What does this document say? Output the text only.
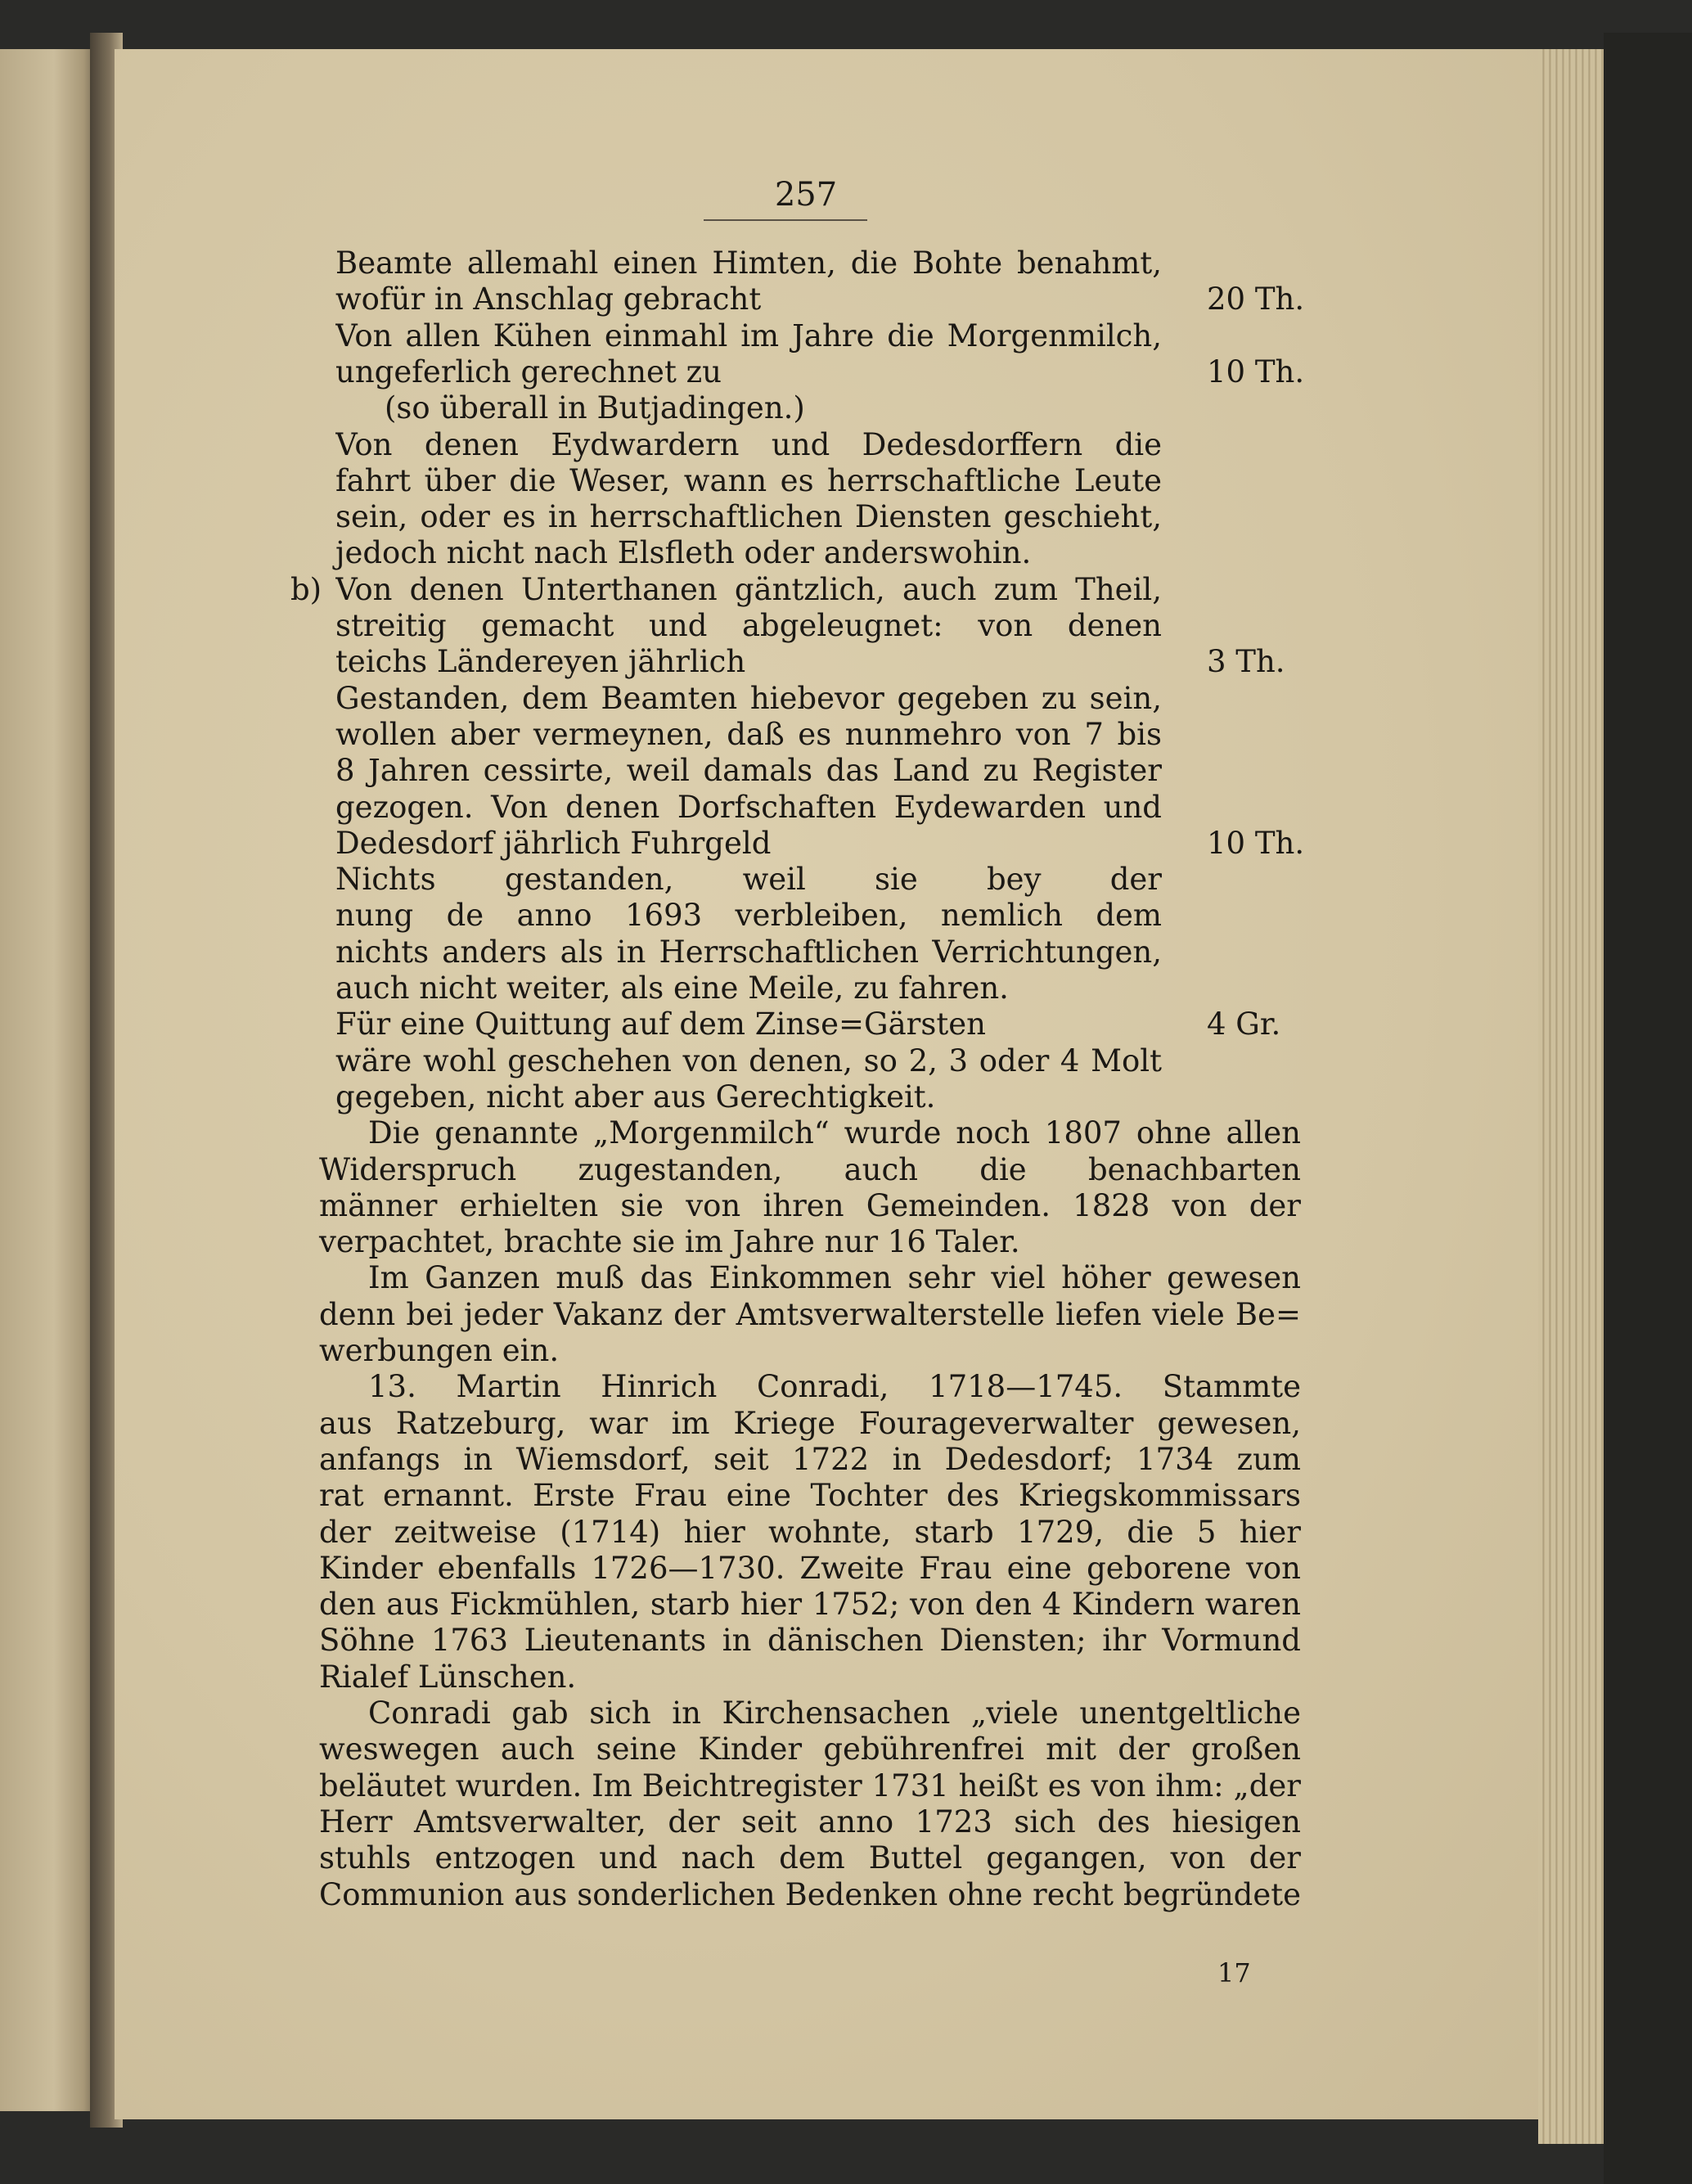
257
Beamte allemahl einen Himten, die Bohte benahmt,
wofür in Anschlag gebracht
Von allen Kühen einmahl im Jahre die Morgenmilch,
ungeferlich gerechnet zu
(so überall in Butjadingen.)
Von denen Eydwardern und Dedesdorffern die
fahrt über die Weser, wann es herrschaftliche Leute
sein, oder es in herrschaftlichen Diensten geschieht,
jedoch nicht nach Elsfleth oder anderswohin.
Von denen Unterthanen gäntzlich, auch zum Theil,
streitig gemacht und abgeleugnet: von denen
teichs Ländereyen jährlich
Gestanden, dem Beamten hiebevor gegeben zu sein,
wollen aber vermeynen, daß es nunmehro von 7 bis
8 Jahren cessirte, weil damals das Land zu Register
gezogen. Von denen Dorfschaften Eydewarden und
Dedesdorf jährlich Fuhrgeld
Nichts gestanden, weil sie bey der
nung de anno 1693 verbleiben, nemlich dem
nichts anders als in Herrschaftlichen Verrichtungen,
auch nicht weiter, als eine Meile, zu fahren.
Für eine Quittung auf dem Zinse=Gärsten
wäre wohl geschehen von denen, so 2, 3 oder 4 Molt
gegeben, nicht aber aus Gerechtigkeit.
b)
20 Th.
10 Th.
3 Th.
10 Th.
4 Gr.
Die genannte „Morgenmilch“ wurde noch 1807 ohne allen
Widerspruch zugestanden, auch die benachbarten
männer erhielten sie von ihren Gemeinden. 1828 von der
verpachtet, brachte sie im Jahre nur 16 Taler.
Im Ganzen muß das Einkommen sehr viel höher gewesen
denn bei jeder Vakanz der Amtsverwalterstelle liefen viele Be=
werbungen ein.
13. Martin Hinrich Conradi, 1718—1745. Stammte
aus Ratzeburg, war im Kriege Fourageverwalter gewesen,
anfangs in Wiemsdorf, seit 1722 in Dedesdorf; 1734 zum
rat ernannt. Erste Frau eine Tochter des Kriegskommissars
der zeitweise (1714) hier wohnte, starb 1729, die 5 hier
Kinder ebenfalls 1726—1730. Zweite Frau eine geborene von
den aus Fickmühlen, starb hier 1752; von den 4 Kindern waren
Söhne 1763 Lieutenants in dänischen Diensten; ihr Vormund
Rialef Lünschen.
Conradi gab sich in Kirchensachen „viele unentgeltliche
weswegen auch seine Kinder gebührenfrei mit der großen
beläutet wurden. Im Beichtregister 1731 heißt es von ihm: „der
Herr Amtsverwalter, der seit anno 1723 sich des hiesigen
stuhls entzogen und nach dem Buttel gegangen, von der
Communion aus sonderlichen Bedenken ohne recht begründete
17
